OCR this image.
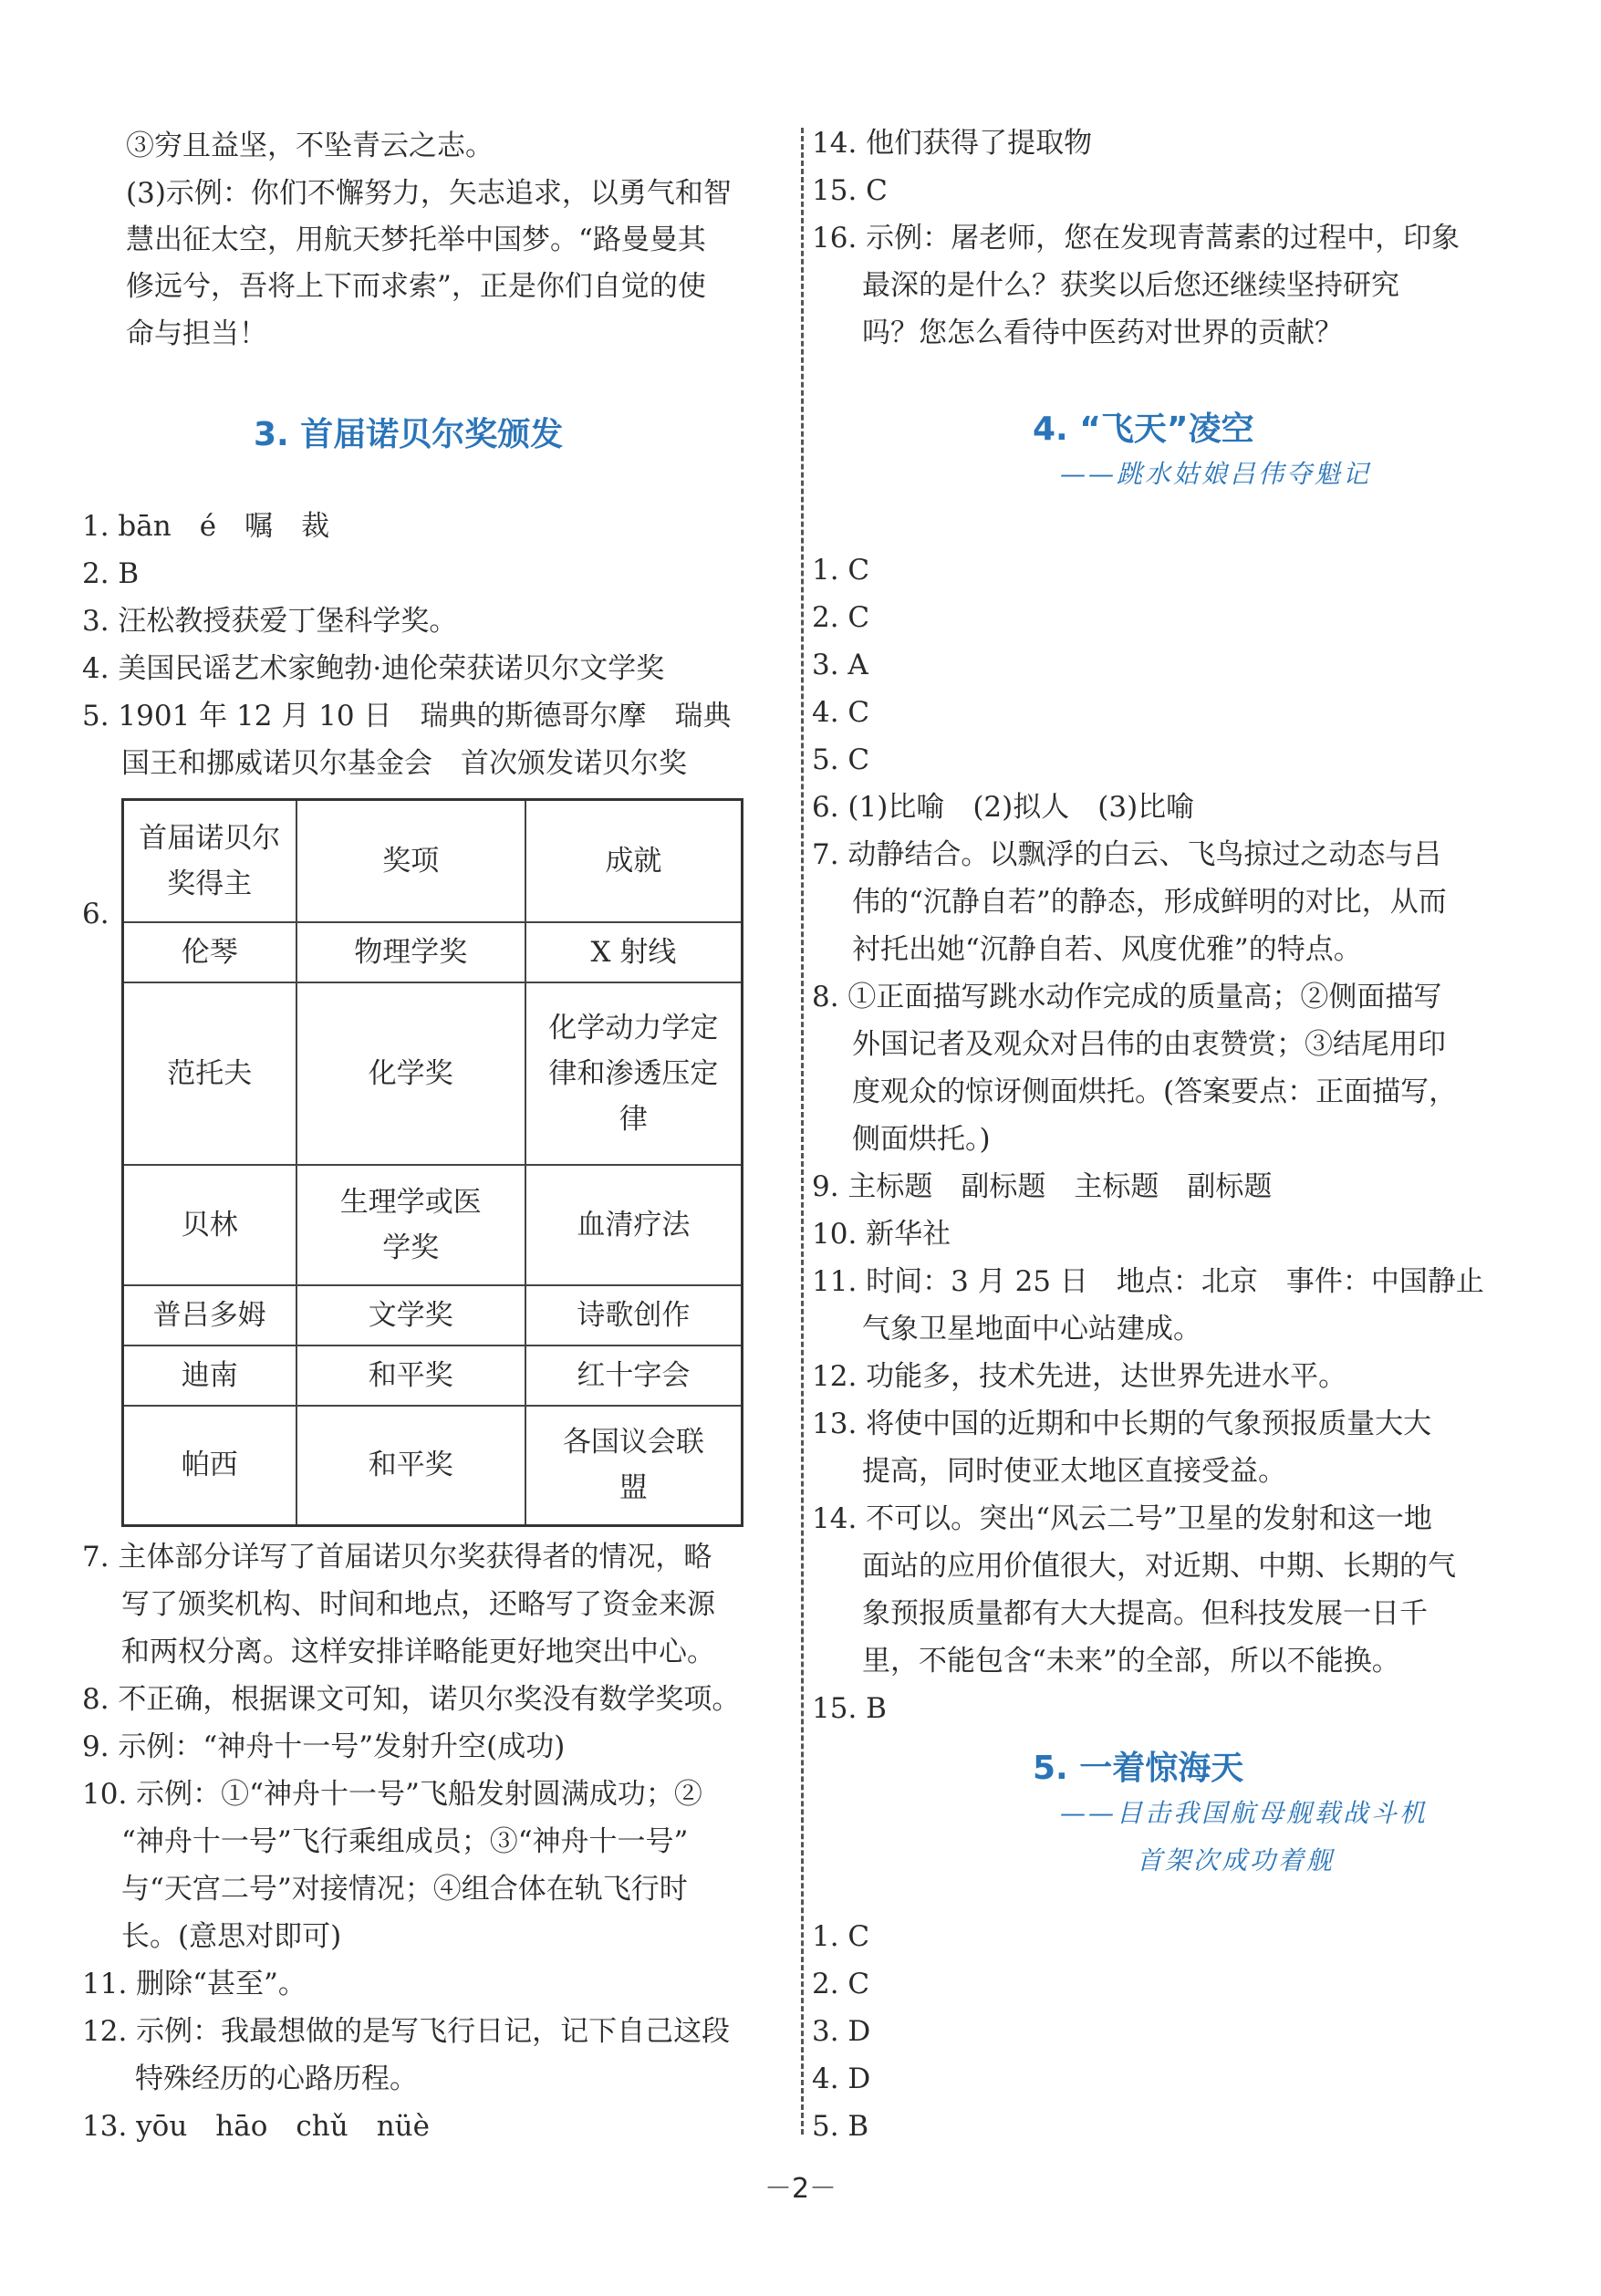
③穷且益坚，不坠青云之志。
(3)示例：你们不懈努力，矢志追求，以勇气和智
慧出征太空，用航天梦托举中国梦。“路曼曼其
修远兮，吾将上下而求索”，正是你们自觉的使
命与担当！
3. 首届诺贝尔奖颁发
1. bān　é　嘱　裁
2. B
3. 汪松教授获爱丁堡科学奖。
4. 美国民谣艺术家鲍勃·迪伦荣获诺贝尔文学奖
5. 1901 年 12 月 10 日　瑞典的斯德哥尔摩　瑞典
国王和挪威诺贝尔基金会　首次颁发诺贝尔奖
6.
首届诺贝尔奖得主	奖项	成就
伦琴	物理学奖	X 射线
范托夫	化学奖	化学动力学定律和渗透压定律
贝林	生理学或医学奖	血清疗法
普吕多姆	文学奖	诗歌创作
迪南	和平奖	红十字会
帕西	和平奖	各国议会联盟
7. 主体部分详写了首届诺贝尔奖获得者的情况，略
写了颁奖机构、时间和地点，还略写了资金来源
和两权分离。这样安排详略能更好地突出中心。
8. 不正确，根据课文可知，诺贝尔奖没有数学奖项。
9. 示例：“神舟十一号”发射升空(成功)
10. 示例：①“神舟十一号”飞船发射圆满成功；②
“神舟十一号”飞行乘组成员；③“神舟十一号”
与“天宫二号”对接情况；④组合体在轨飞行时
长。(意思对即可)
11. 删除“甚至”。
12. 示例：我最想做的是写飞行日记，记下自己这段
特殊经历的心路历程。
13. yōu　hāo　chǔ　nüè
14. 他们获得了提取物
15. C
16. 示例：屠老师，您在发现青蒿素的过程中，印象
最深的是什么？获奖以后您还继续坚持研究
吗？您怎么看待中医药对世界的贡献？
4. “飞天”凌空
——跳水姑娘吕伟夺魁记
1. C
2. C
3. A
4. C
5. C
6. (1)比喻　(2)拟人　(3)比喻
7. 动静结合。以飘浮的白云、飞鸟掠过之动态与吕
伟的“沉静自若”的静态，形成鲜明的对比，从而
衬托出她“沉静自若、风度优雅”的特点。
8. ①正面描写跳水动作完成的质量高；②侧面描写
外国记者及观众对吕伟的由衷赞赏；③结尾用印
度观众的惊讶侧面烘托。(答案要点：正面描写，
侧面烘托。)
9. 主标题　副标题　主标题　副标题
10. 新华社
11. 时间：3 月 25 日　地点：北京　事件：中国静止
气象卫星地面中心站建成。
12. 功能多，技术先进，达世界先进水平。
13. 将使中国的近期和中长期的气象预报质量大大
提高，同时使亚太地区直接受益。
14. 不可以。突出“风云二号”卫星的发射和这一地
面站的应用价值很大，对近期、中期、长期的气
象预报质量都有大大提高。但科技发展一日千
里，不能包含“未来”的全部，所以不能换。
15. B
5. 一着惊海天
——目击我国航母舰载战斗机
首架次成功着舰
1. C
2. C
3. D
4. D
5. B
－2－
